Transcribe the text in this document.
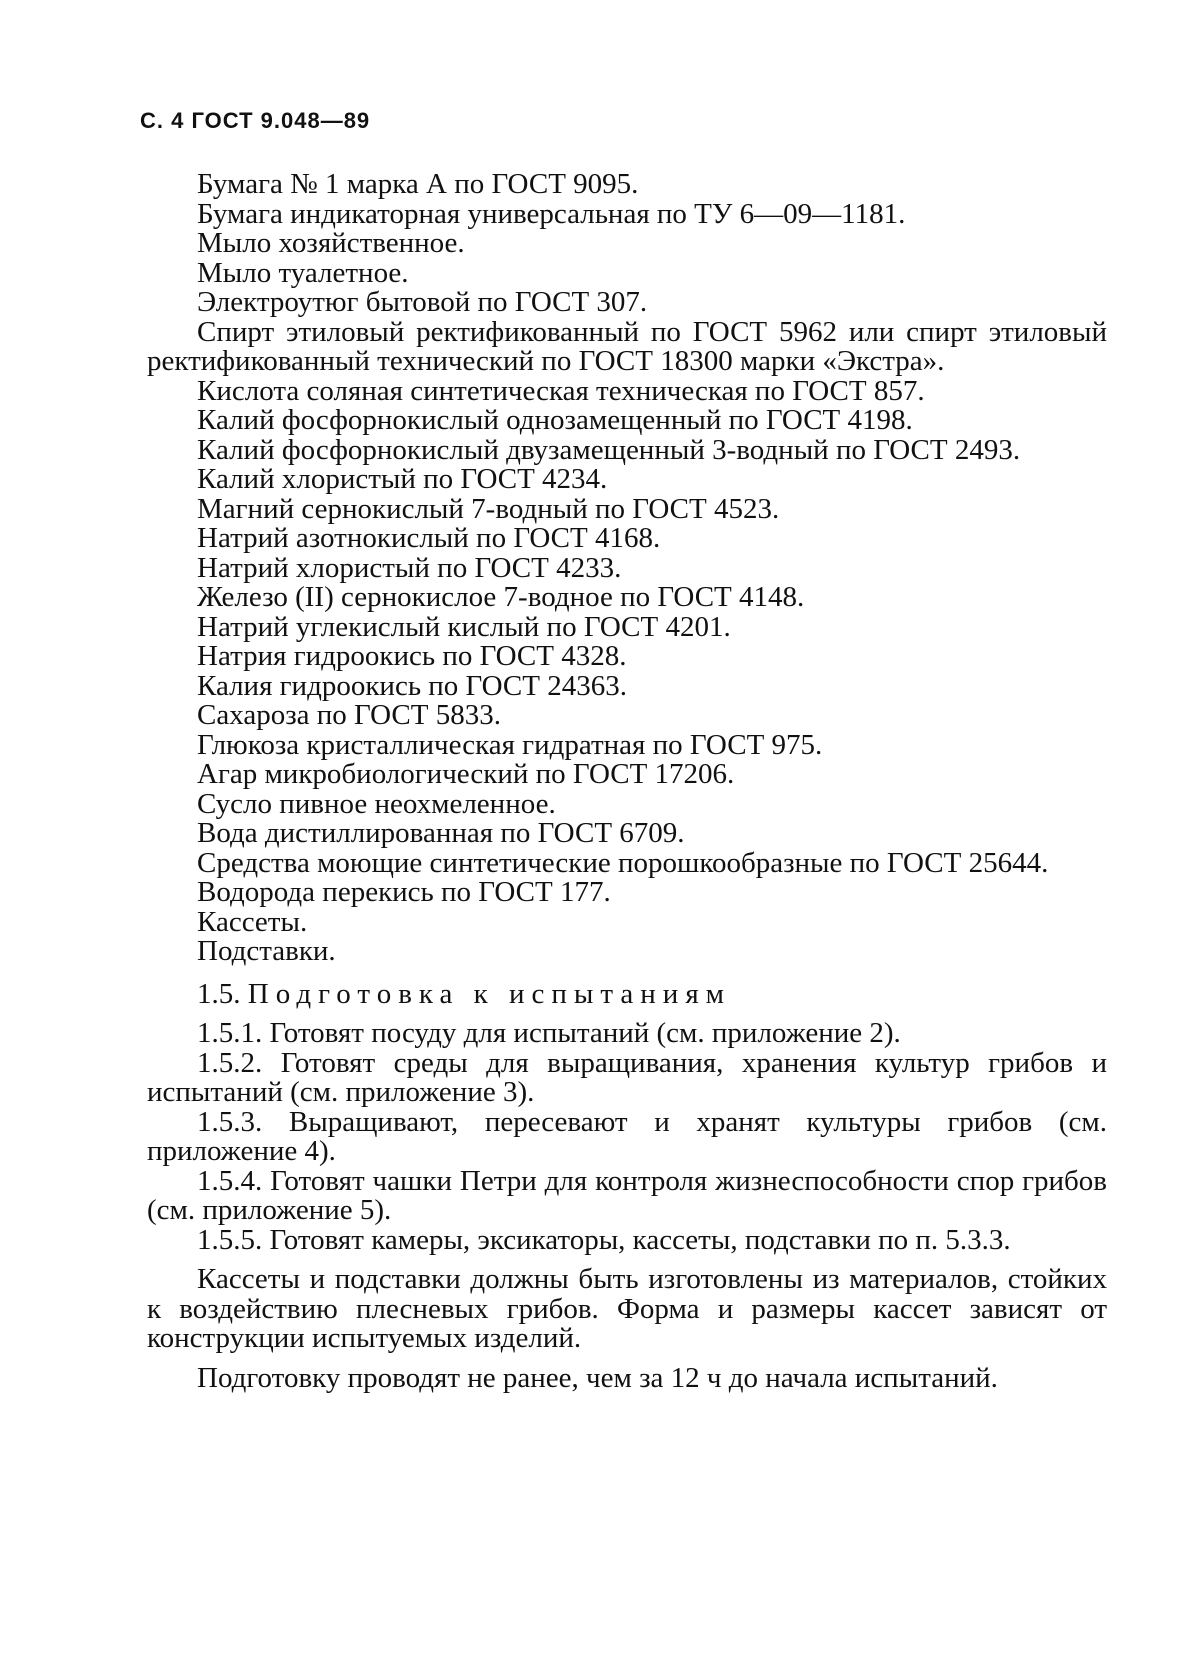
С. 4 ГОСТ 9.048—89

Бумага № 1 марка А по ГОСТ 9095.

Бумага индикаторная универсальная по ТУ 6—09—1181.

Мыло хозяйственное.

Мыло туалетное.

Электроутюг бытовой по ГОСТ 307.

Спирт этиловый ректификованный по ГОСТ 5962 или спирт этиловый ректификованный технический по ГОСТ 18300 марки «Экстра».

Кислота соляная синтетическая техническая по ГОСТ 857.

Калий фосфорнокислый однозамещенный по ГОСТ 4198.

Калий фосфорнокислый двузамещенный 3-водный по ГОСТ 2493.

Калий хлористый по ГОСТ 4234.

Магний сернокислый 7-водный по ГОСТ 4523.

Натрий азотнокислый по ГОСТ 4168.

Натрий хлористый по ГОСТ 4233.

Железо (II) сернокислое 7-водное по ГОСТ 4148.

Натрий углекислый кислый по ГОСТ 4201.

Натрия гидроокись по ГОСТ 4328.

Калия гидроокись по ГОСТ 24363.

Сахароза по ГОСТ 5833.

Глюкоза кристаллическая гидратная по ГОСТ 975.

Агар микробиологический по ГОСТ 17206.

Сусло пивное неохмеленное.

Вода дистиллированная по ГОСТ 6709.

Средства моющие синтетические порошкообразные по ГОСТ 25644.

Водорода перекись по ГОСТ 177.

Кассеты.

Подставки.

1.5. Подготовка к испытаниям

1.5.1. Готовят посуду для испытаний (см. приложение 2).

1.5.2. Готовят среды для выращивания, хранения культур грибов и испытаний (см. приложение 3).

1.5.3. Выращивают, пересевают и хранят культуры грибов (см. приложение 4).

1.5.4. Готовят чашки Петри для контроля жизнеспособности спор грибов (см. приложение 5).

1.5.5. Готовят камеры, эксикаторы, кассеты, подставки по п. 5.3.3.

Кассеты и подставки должны быть изготовлены из материалов, стойких к воздействию плесневых грибов. Форма и размеры кассет зависят от конструкции испытуемых изделий.

Подготовку проводят не ранее, чем за 12 ч до начала испытаний.
